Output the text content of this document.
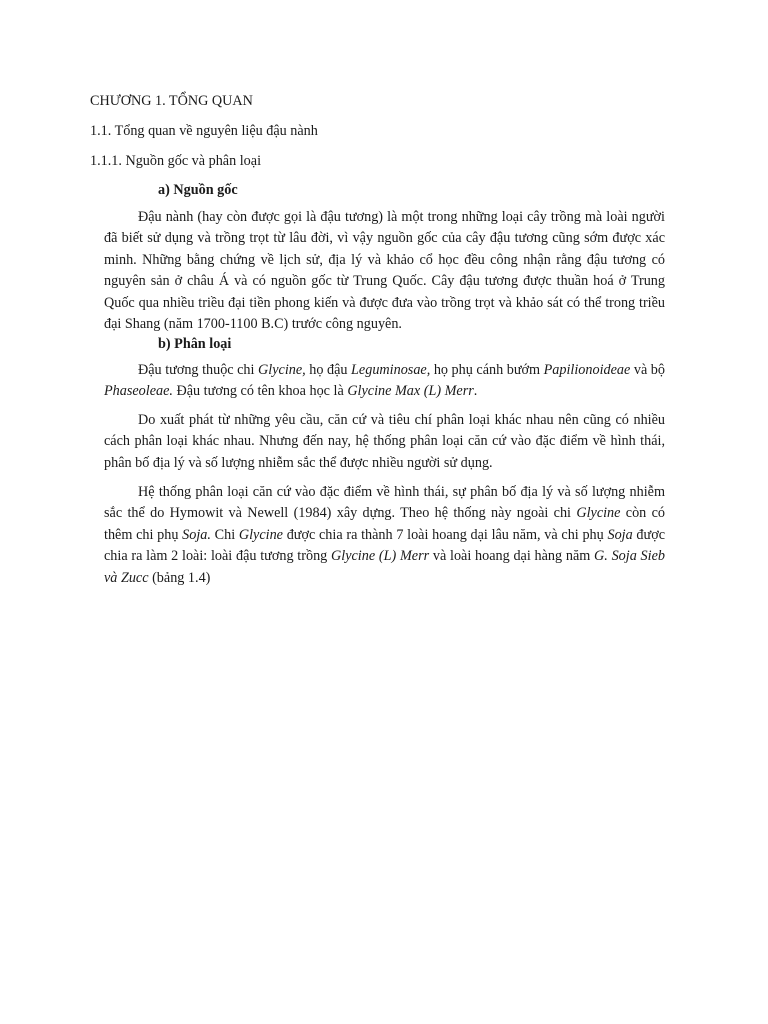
CHƯƠNG 1. TỔNG QUAN
1.1. Tổng quan về nguyên liệu đậu nành
1.1.1. Nguồn gốc và phân loại
a) Nguồn gốc

Đậu nành (hay còn được gọi là đậu tương) là một trong những loại cây trồng mà loài người đã biết sử dụng và trồng trọt từ lâu đời, vì vậy nguồn gốc của cây đậu tương cũng sớm được xác minh. Những bằng chứng về lịch sử, địa lý và khảo cổ học đều công nhận rằng đậu tương có nguyên sản ở châu Á và có nguồn gốc từ Trung Quốc. Cây đậu tương được thuần hoá ở Trung Quốc qua nhiều triều đại tiền phong kiến và được đưa vào trồng trọt và khảo sát có thể trong triều đại Shang (năm 1700-1100 B.C) trước công nguyên.

b) Phân loại

Đậu tương thuộc chi Glycine, họ đậu Leguminosae, họ phụ cánh bướm Papilionoideae và bộ Phaseoleae. Đậu tương có tên khoa học là Glycine Max (L) Merr.

Do xuất phát từ những yêu cầu, căn cứ và tiêu chí phân loại khác nhau nên cũng có nhiều cách phân loại khác nhau. Nhưng đến nay, hệ thống phân loại căn cứ vào đặc điểm về hình thái, phân bố địa lý và số lượng nhiễm sắc thể được nhiều người sử dụng.

Hệ thống phân loại căn cứ vào đặc điểm về hình thái, sự phân bố địa lý và số lượng nhiễm sắc thể do Hymowit và Newell (1984) xây dựng. Theo hệ thống này ngoài chi Glycine còn có thêm chi phụ Soja. Chi Glycine được chia ra thành 7 loài hoang dại lâu năm, và chi phụ Soja được chia ra làm 2 loài: loài đậu tương trồng Glycine (L) Merr và loài hoang dại hàng năm G. Soja Sieb và Zucc (bảng 1.4)
